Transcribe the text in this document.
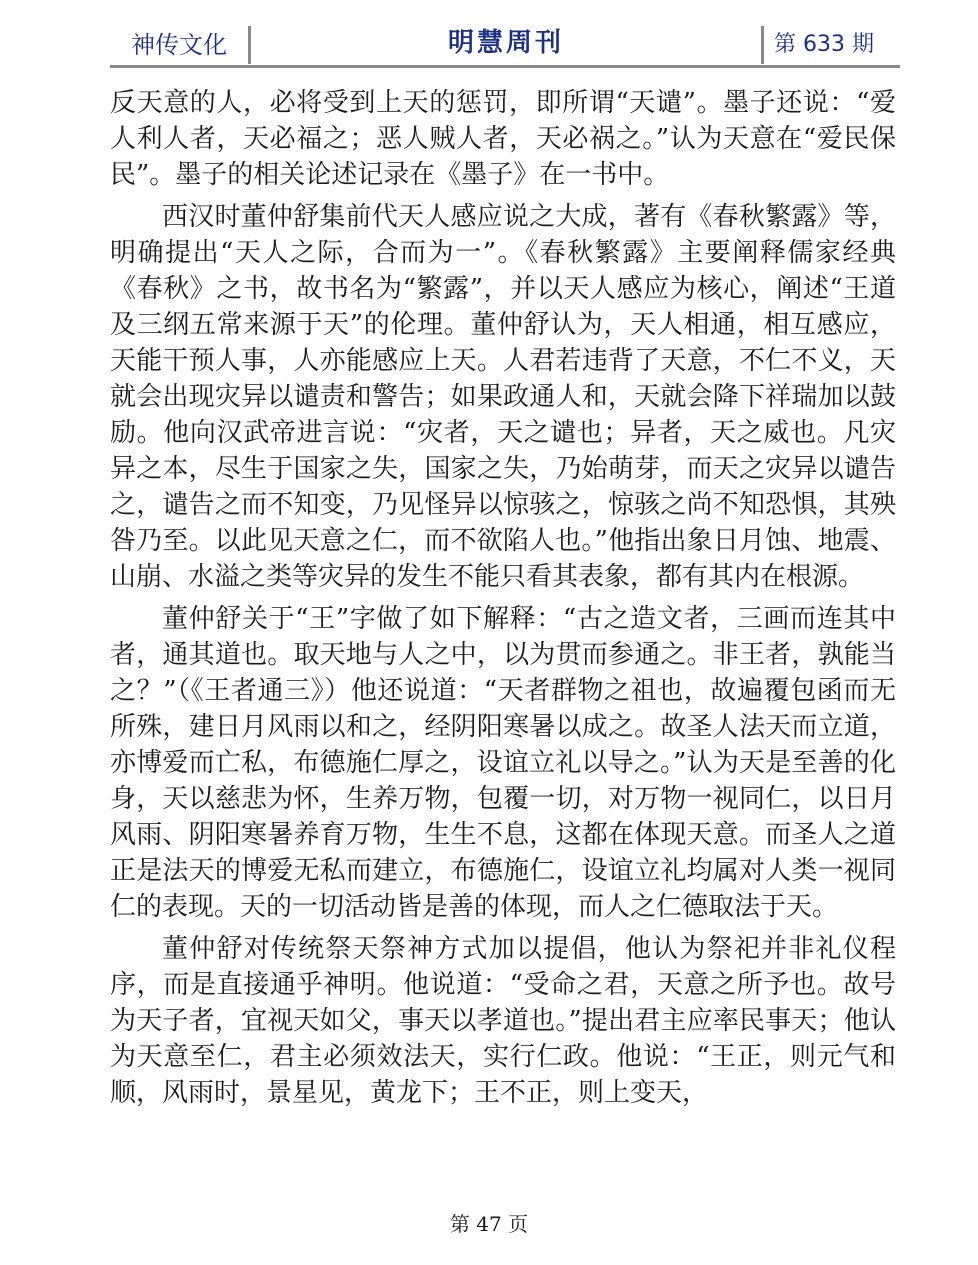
神传文化	明慧周刊	第 633 期

反天意的人，必将受到上天的惩罚，即所谓“天谴”。墨子还说：“爱人利人者，天必福之；恶人贼人者，天必祸之。”认为天意在“爱民保民”。墨子的相关论述记录在《墨子》在一书中。

西汉时董仲舒集前代天人感应说之大成，著有《春秋繁露》等，明确提出“天人之际，合而为一”。《春秋繁露》主要阐释儒家经典《春秋》之书，故书名为“繁露”，并以天人感应为核心，阐述“王道及三纲五常来源于天”的伦理。董仲舒认为，天人相通，相互感应，天能干预人事，人亦能感应上天。人君若违背了天意，不仁不义，天就会出现灾异以谴责和警告；如果政通人和，天就会降下祥瑞加以鼓励。他向汉武帝进言说：“灾者，天之谴也；异者，天之威也。凡灾异之本，尽生于国家之失，国家之失，乃始萌芽，而天之灾异以谴告之，谴告之而不知变，乃见怪异以惊骇之，惊骇之尚不知恐惧，其殃咎乃至。以此见天意之仁，而不欲陷人也。”他指出象日月蚀、地震、山崩、水溢之类等灾异的发生不能只看其表象，都有其内在根源。

董仲舒关于“王”字做了如下解释：“古之造文者，三画而连其中者，通其道也。取天地与人之中，以为贯而参通之。非王者，孰能当之？”（《王者通三》）他还说道：“天者群物之祖也，故遍覆包函而无所殊，建日月风雨以和之，经阴阳寒暑以成之。故圣人法天而立道，亦博爱而亡私，布德施仁厚之，设谊立礼以导之。”认为天是至善的化身，天以慈悲为怀，生养万物，包覆一切，对万物一视同仁，以日月风雨、阴阳寒暑养育万物，生生不息，这都在体现天意。而圣人之道正是法天的博爱无私而建立，布德施仁，设谊立礼均属对人类一视同仁的表现。天的一切活动皆是善的体现，而人之仁德取法于天。

董仲舒对传统祭天祭神方式加以提倡，他认为祭祀并非礼仪程序，而是直接通乎神明。他说道：“受命之君，天意之所予也。故号为天子者，宜视天如父，事天以孝道也。”提出君主应率民事天；他认为天意至仁，君主必须效法天，实行仁政。他说：“王正，则元气和顺，风雨时，景星见，黄龙下；王不正，则上变天，

第 47 页
